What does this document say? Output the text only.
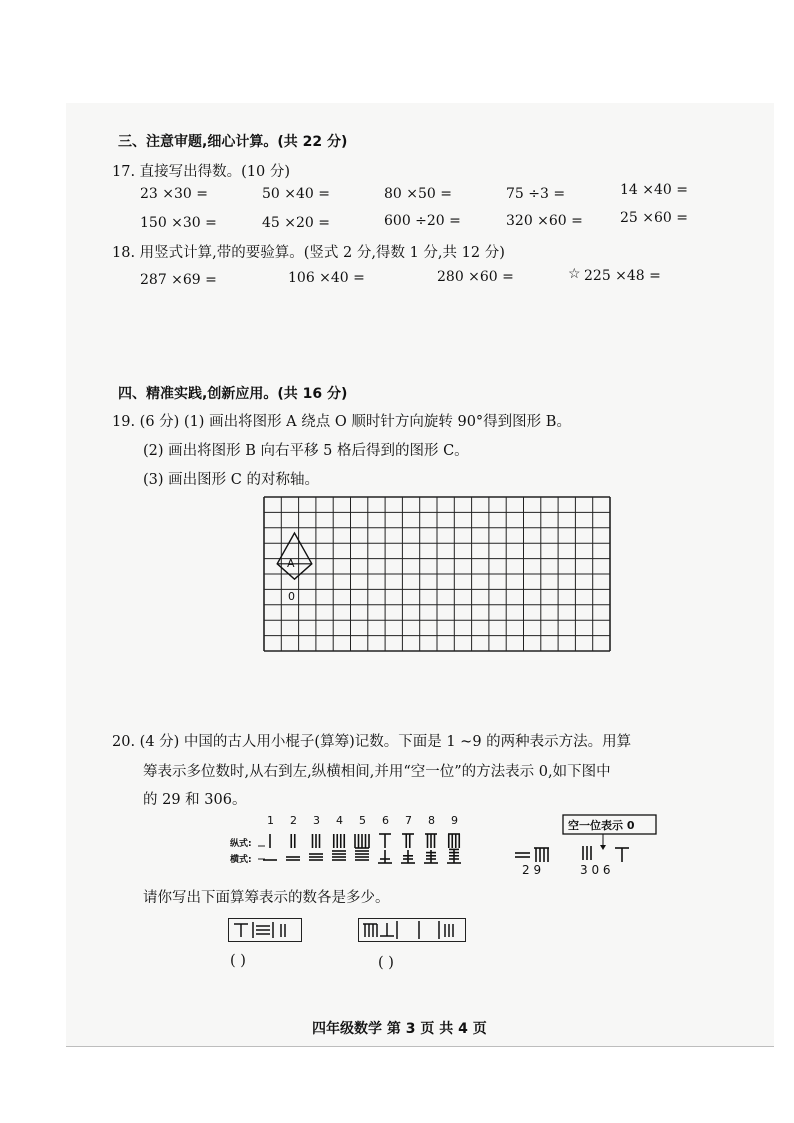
三、注意审题,细心计算。(共 22 分)
17. 直接写出得数。(10 分)
23 ×30 =	50 ×40 =	80 ×50 =	75 ÷3 =	14 ×40 =
150 ×30 =	45 ×20 =	600 ÷20 =	320 ×60 =	25 ×60 =
18. 用竖式计算,带的要验算。(竖式 2 分,得数 1 分,共 12 分)
287 ×69 =	106 ×40 =	280 ×60 =	☆ 225 ×48 =
四、精准实践,创新应用。(共 16 分)
19. (6 分) (1) 画出将图形 A 绕点 O 顺时针方向旋转 90°得到图形 B。
(2) 画出将图形 B 向右平移 5 格后得到的图形 C。
(3) 画出图形 C 的对称轴。
A
0
20. (4 分) 中国的古人用小棍子(算筹)记数。下面是 1 ~9 的两种表示方法。用算
筹表示多位数时,从右到左,纵横相间,并用“空一位”的方法表示 0,如下图中
的 29 和 306。
1 2 3 4 5 6 7 8 9
纵式:
横式:
2 9
空一位表示 0
3 0 6
请你写出下面算筹表示的数各是多少。
( )	( )
四年级数学 第 3 页 共 4 页
